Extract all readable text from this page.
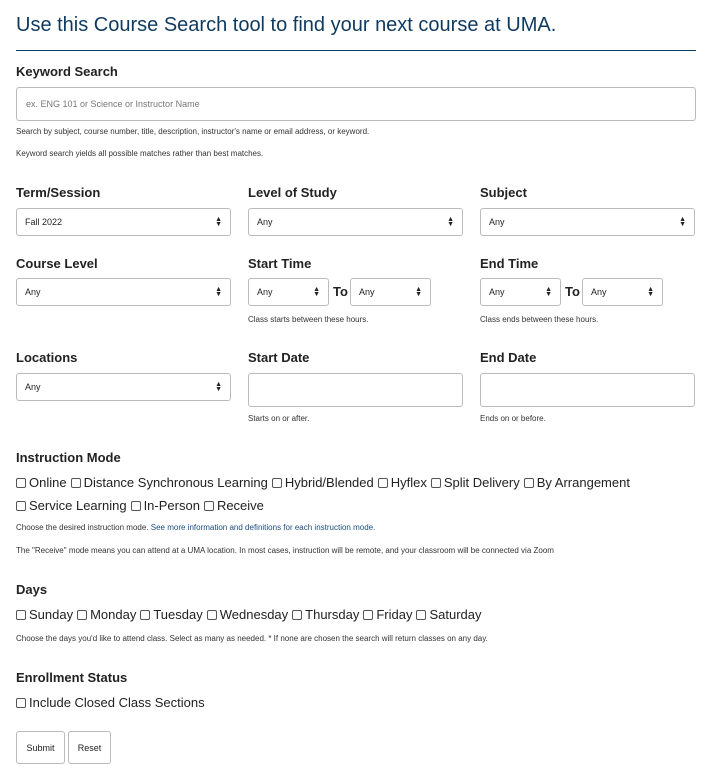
Use this Course Search tool to find your next course at UMA.
Keyword Search
ex. ENG 101 or Science or Instructor Name
Search by subject, course number, title, description, instructor's name or email address, or keyword.
Keyword search yields all possible matches rather than best matches.
Term/Session
Fall 2022	▲
▼
Level of Study
Any	▲
▼
Subject
Any	▲
▼
Course Level
Any	▲
▼
Start Time
Any	▲
▼ To Any	▲
▼
Class starts between these hours.
End Time
Any	▲
▼ To Any	▲
▼
Class ends between these hours.
Locations
Any	▲
▼
Start Date
Starts on or after.
End Date
Ends on or before.
Instruction Mode
Online Distance Synchronous Learning Hybrid/Blended Hyflex Split Delivery By Arrangement
Service Learning In-Person Receive
Choose the desired instruction mode. See more information and definitions for each instruction mode.
The "Receive" mode means you can attend at a UMA location. In most cases, instruction will be remote, and your classroom will be connected via Zoom
Days
Sunday Monday Tuesday Wednesday Thursday Friday Saturday
Choose the days you'd like to attend class. Select as many as needed. * If none are chosen the search will return classes on any day.
Enrollment Status
Include Closed Class Sections
Submit	Reset
